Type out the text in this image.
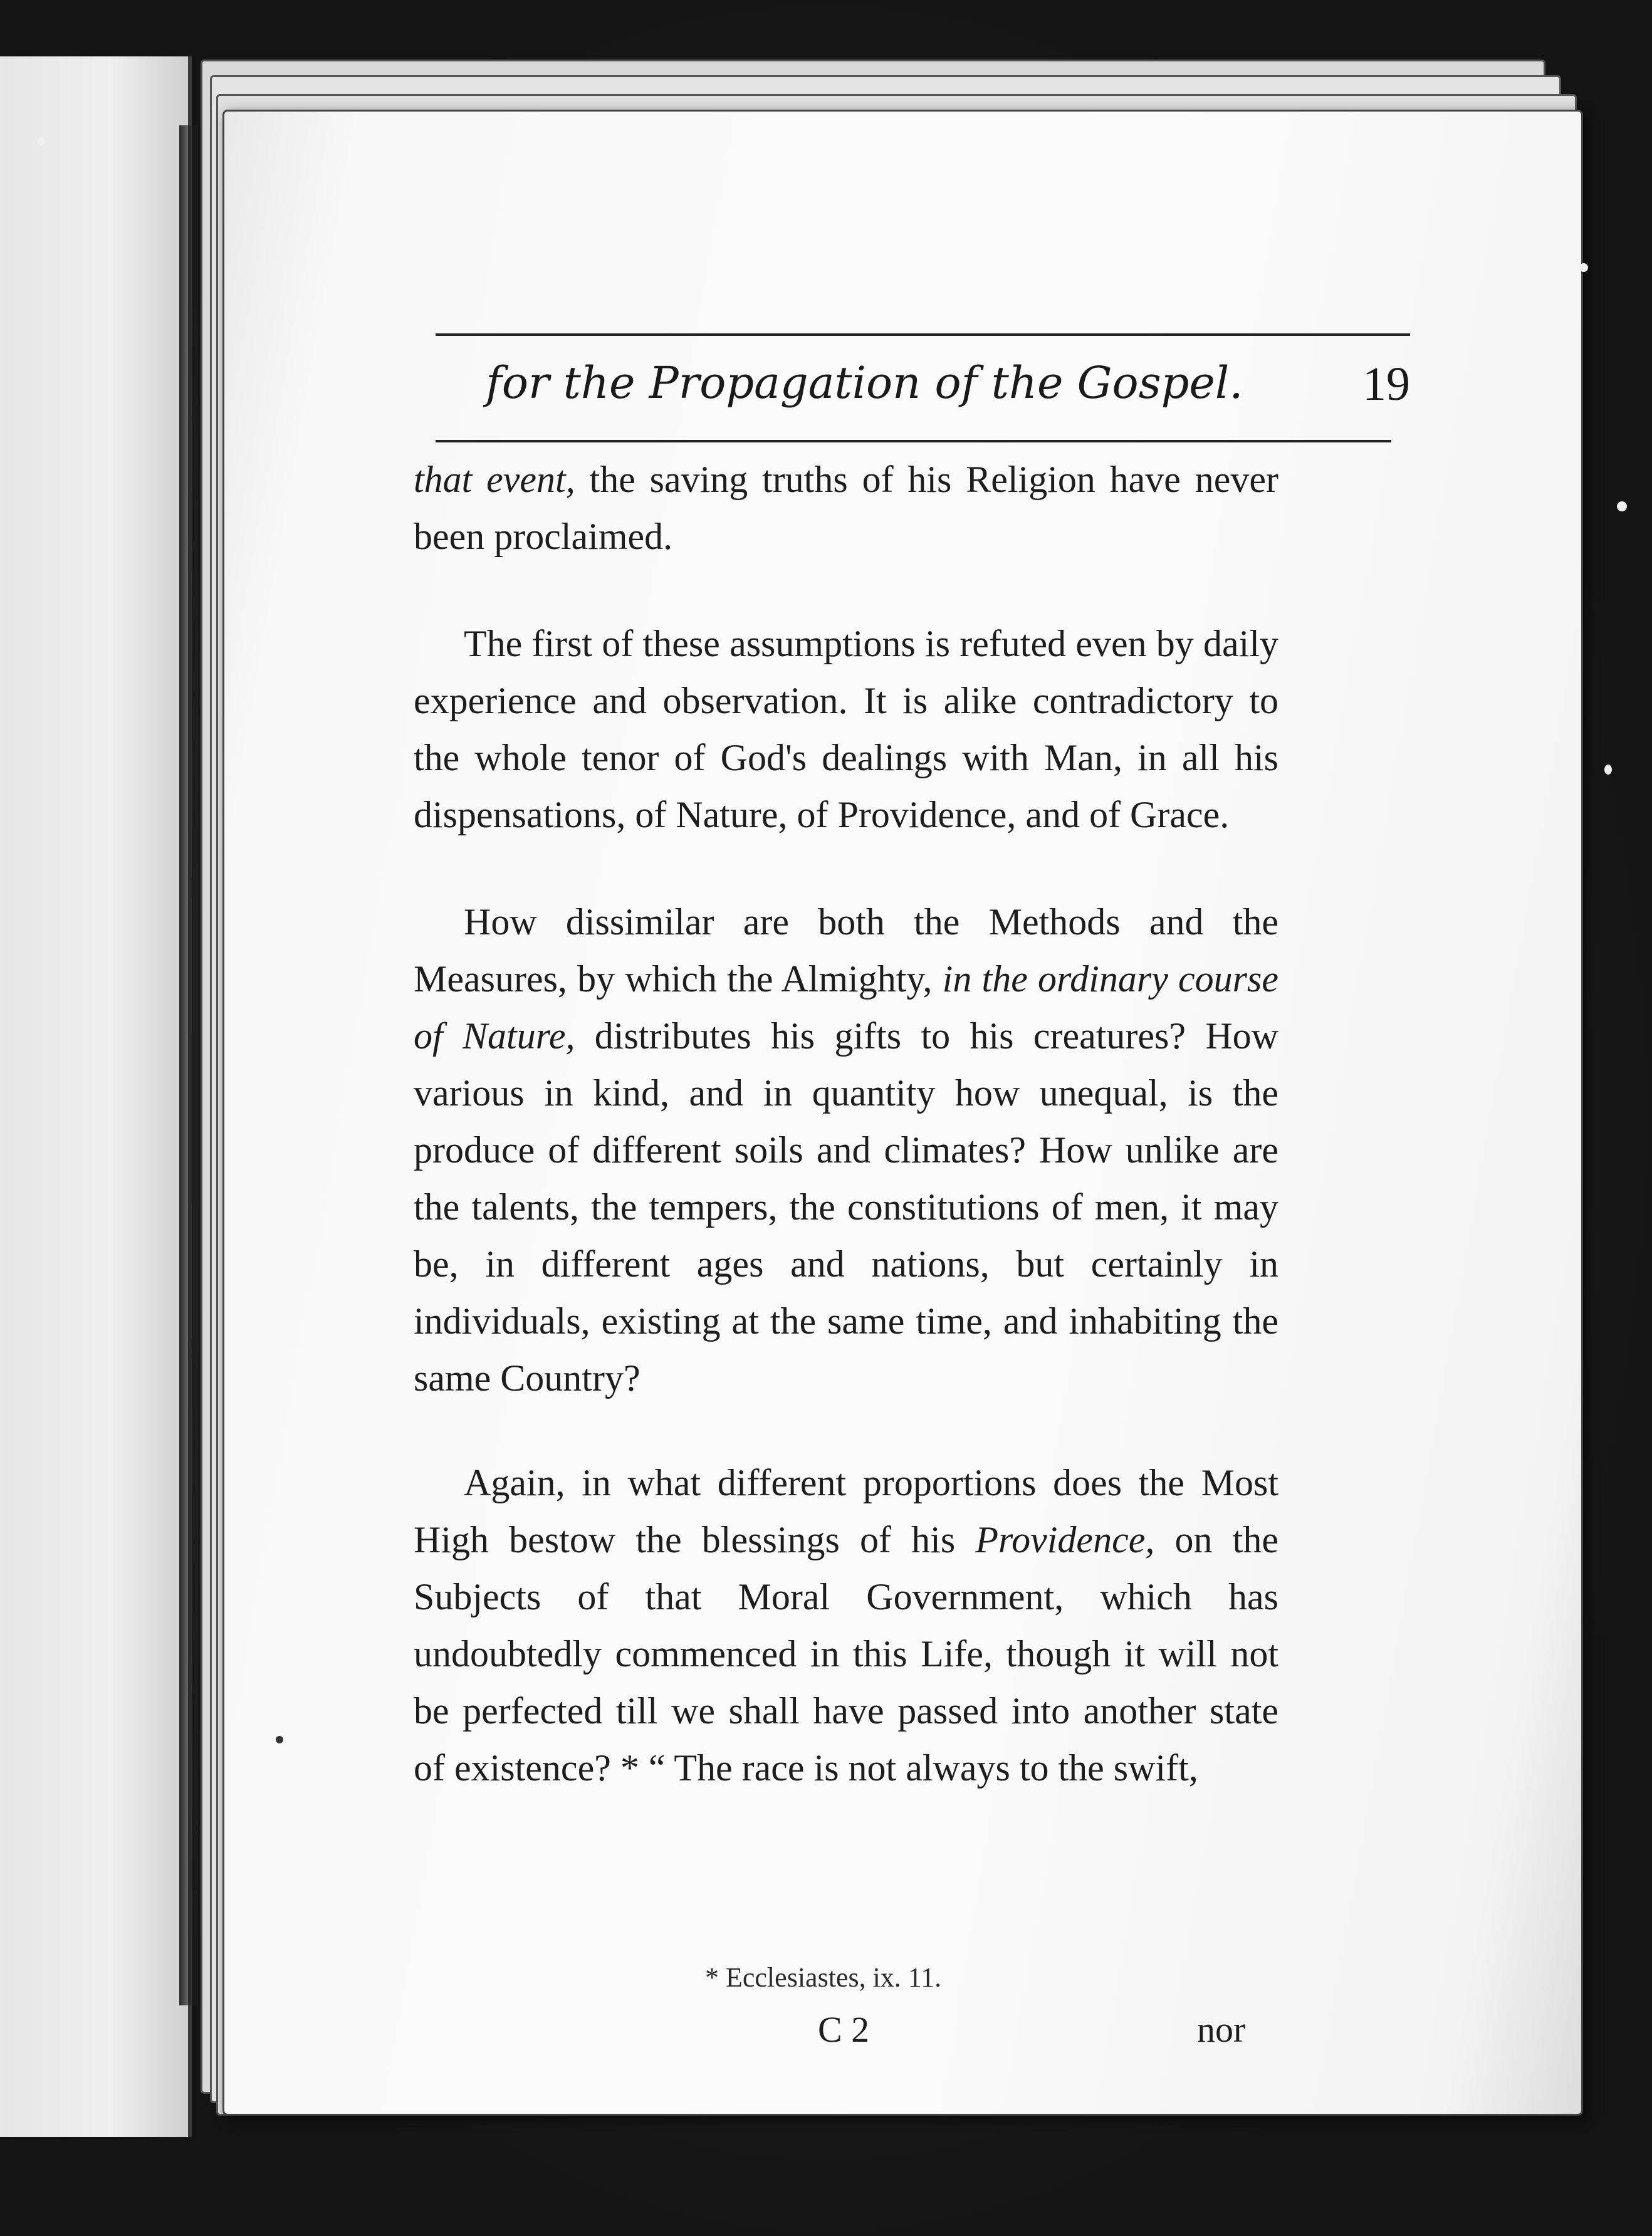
for the Propagation of the Gospel.	19

that event, the saving truths of his Religion have never been proclaimed.

The first of these assumptions is refuted even by daily experience and observation. It is alike contradictory to the whole tenor of God's dealings with Man, in all his dispensations, of Nature, of Providence, and of Grace.

How dissimilar are both the Methods and the Measures, by which the Almighty, in the ordinary course of Nature, distributes his gifts to his creatures? How various in kind, and in quantity how unequal, is the produce of different soils and climates? How unlike are the talents, the tempers, the constitutions of men, it may be, in different ages and nations, but certainly in individuals, existing at the same time, and inhabiting the same Country?

Again, in what different proportions does the Most High bestow the blessings of his Providence, on the Subjects of that Moral Government, which has undoubtedly commenced in this Life, though it will not be perfected till we shall have passed into another state of existence? * “ The race is not always to the swift,

* Ecclesiastes, ix. 11.
C 2	nor
